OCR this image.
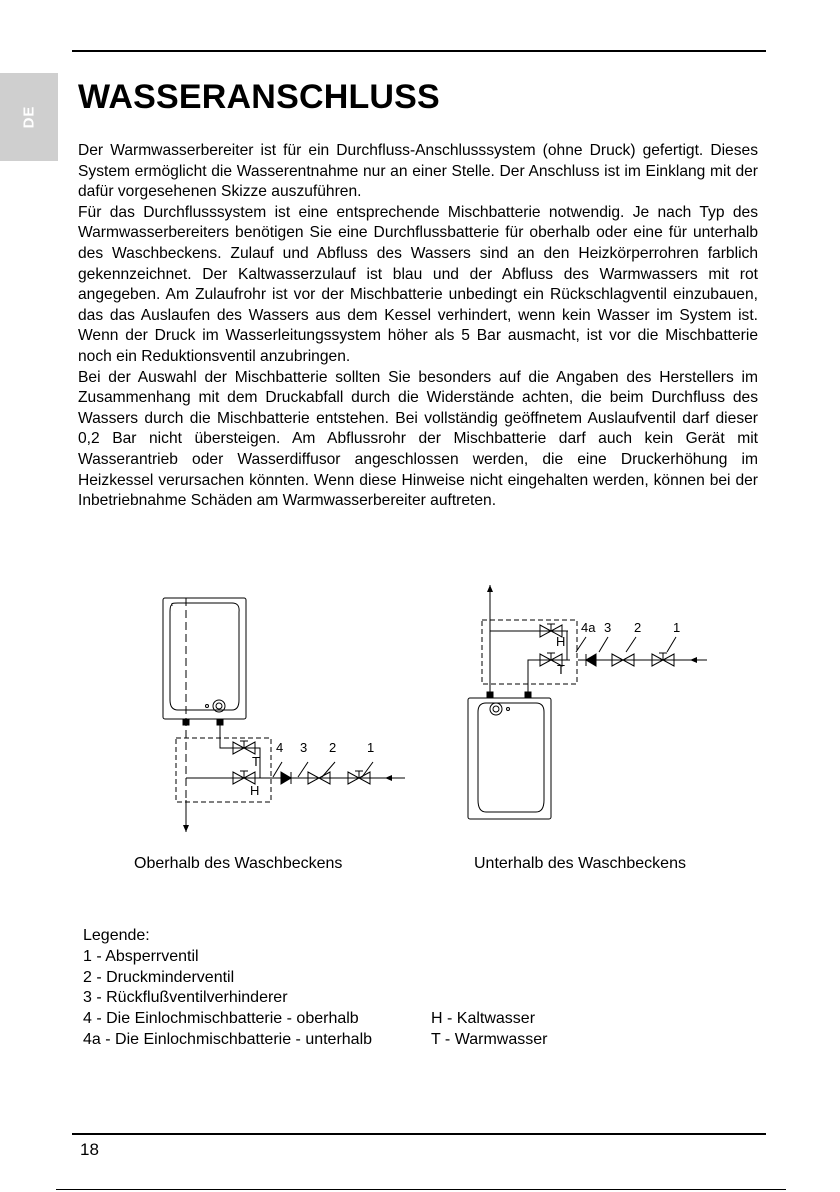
DE
WASSERANSCHLUSS

Der Warmwasserbereiter ist für ein Durchfluss-Anschlusssystem (ohne Druck) gefertigt. Dieses System ermöglicht die Wasserentnahme nur an einer Stelle. Der Anschluss ist im Einklang mit der dafür vorgesehenen Skizze auszuführen.

Für das Durchflusssystem ist eine entsprechende Mischbatterie notwendig. Je nach Typ des Warmwasserbereiters benötigen Sie eine Durchflussbatterie für oberhalb oder eine für unterhalb des Waschbeckens. Zulauf und Abfluss des Wassers sind an den Heizkörperrohren farblich gekennzeichnet. Der Kaltwasserzulauf ist blau und der Abfluss des Warmwassers mit rot angegeben. Am Zulaufrohr ist vor der Mischbatterie unbedingt ein Rückschlagventil einzubauen, das das Auslaufen des Wassers aus dem Kessel verhindert, wenn kein Wasser im System ist. Wenn der Druck im Wasserleitungssystem höher als 5 Bar ausmacht, ist vor die Mischbatterie noch ein Reduktionsventil anzubringen.

Bei der Auswahl der Mischbatterie sollten Sie besonders auf die Angaben des Herstellers im Zusammenhang mit dem Druckabfall durch die Widerstände achten, die beim Durchfluss des Wassers durch die Mischbatterie entstehen. Bei vollständig geöffnetem Auslaufventil darf dieser 0,2 Bar nicht übersteigen. Am Abflussrohr der Mischbatterie darf auch kein Gerät mit Wasserantrieb oder Wasserdiffusor angeschlossen werden, die eine Druckerhöhung im Heizkessel verursachen könnten. Wenn diese Hinweise nicht eingehalten werden, können bei der Inbetriebnahme Schäden am Warmwasserbereiter auftreten.

4 3 2 1
T
H
4a 3 2 1
T
H
Oberhalb des Waschbeckens	Unterhalb des Waschbeckens
Legende:
1 - Absperrventil
2 - Druckminderventil
3 - Rückflußventilverhinderer
4 - Die Einlochmischbatterie - oberhalb	H - Kaltwasser
4a - Die Einlochmischbatterie - unterhalb	T - Warmwasser
18
